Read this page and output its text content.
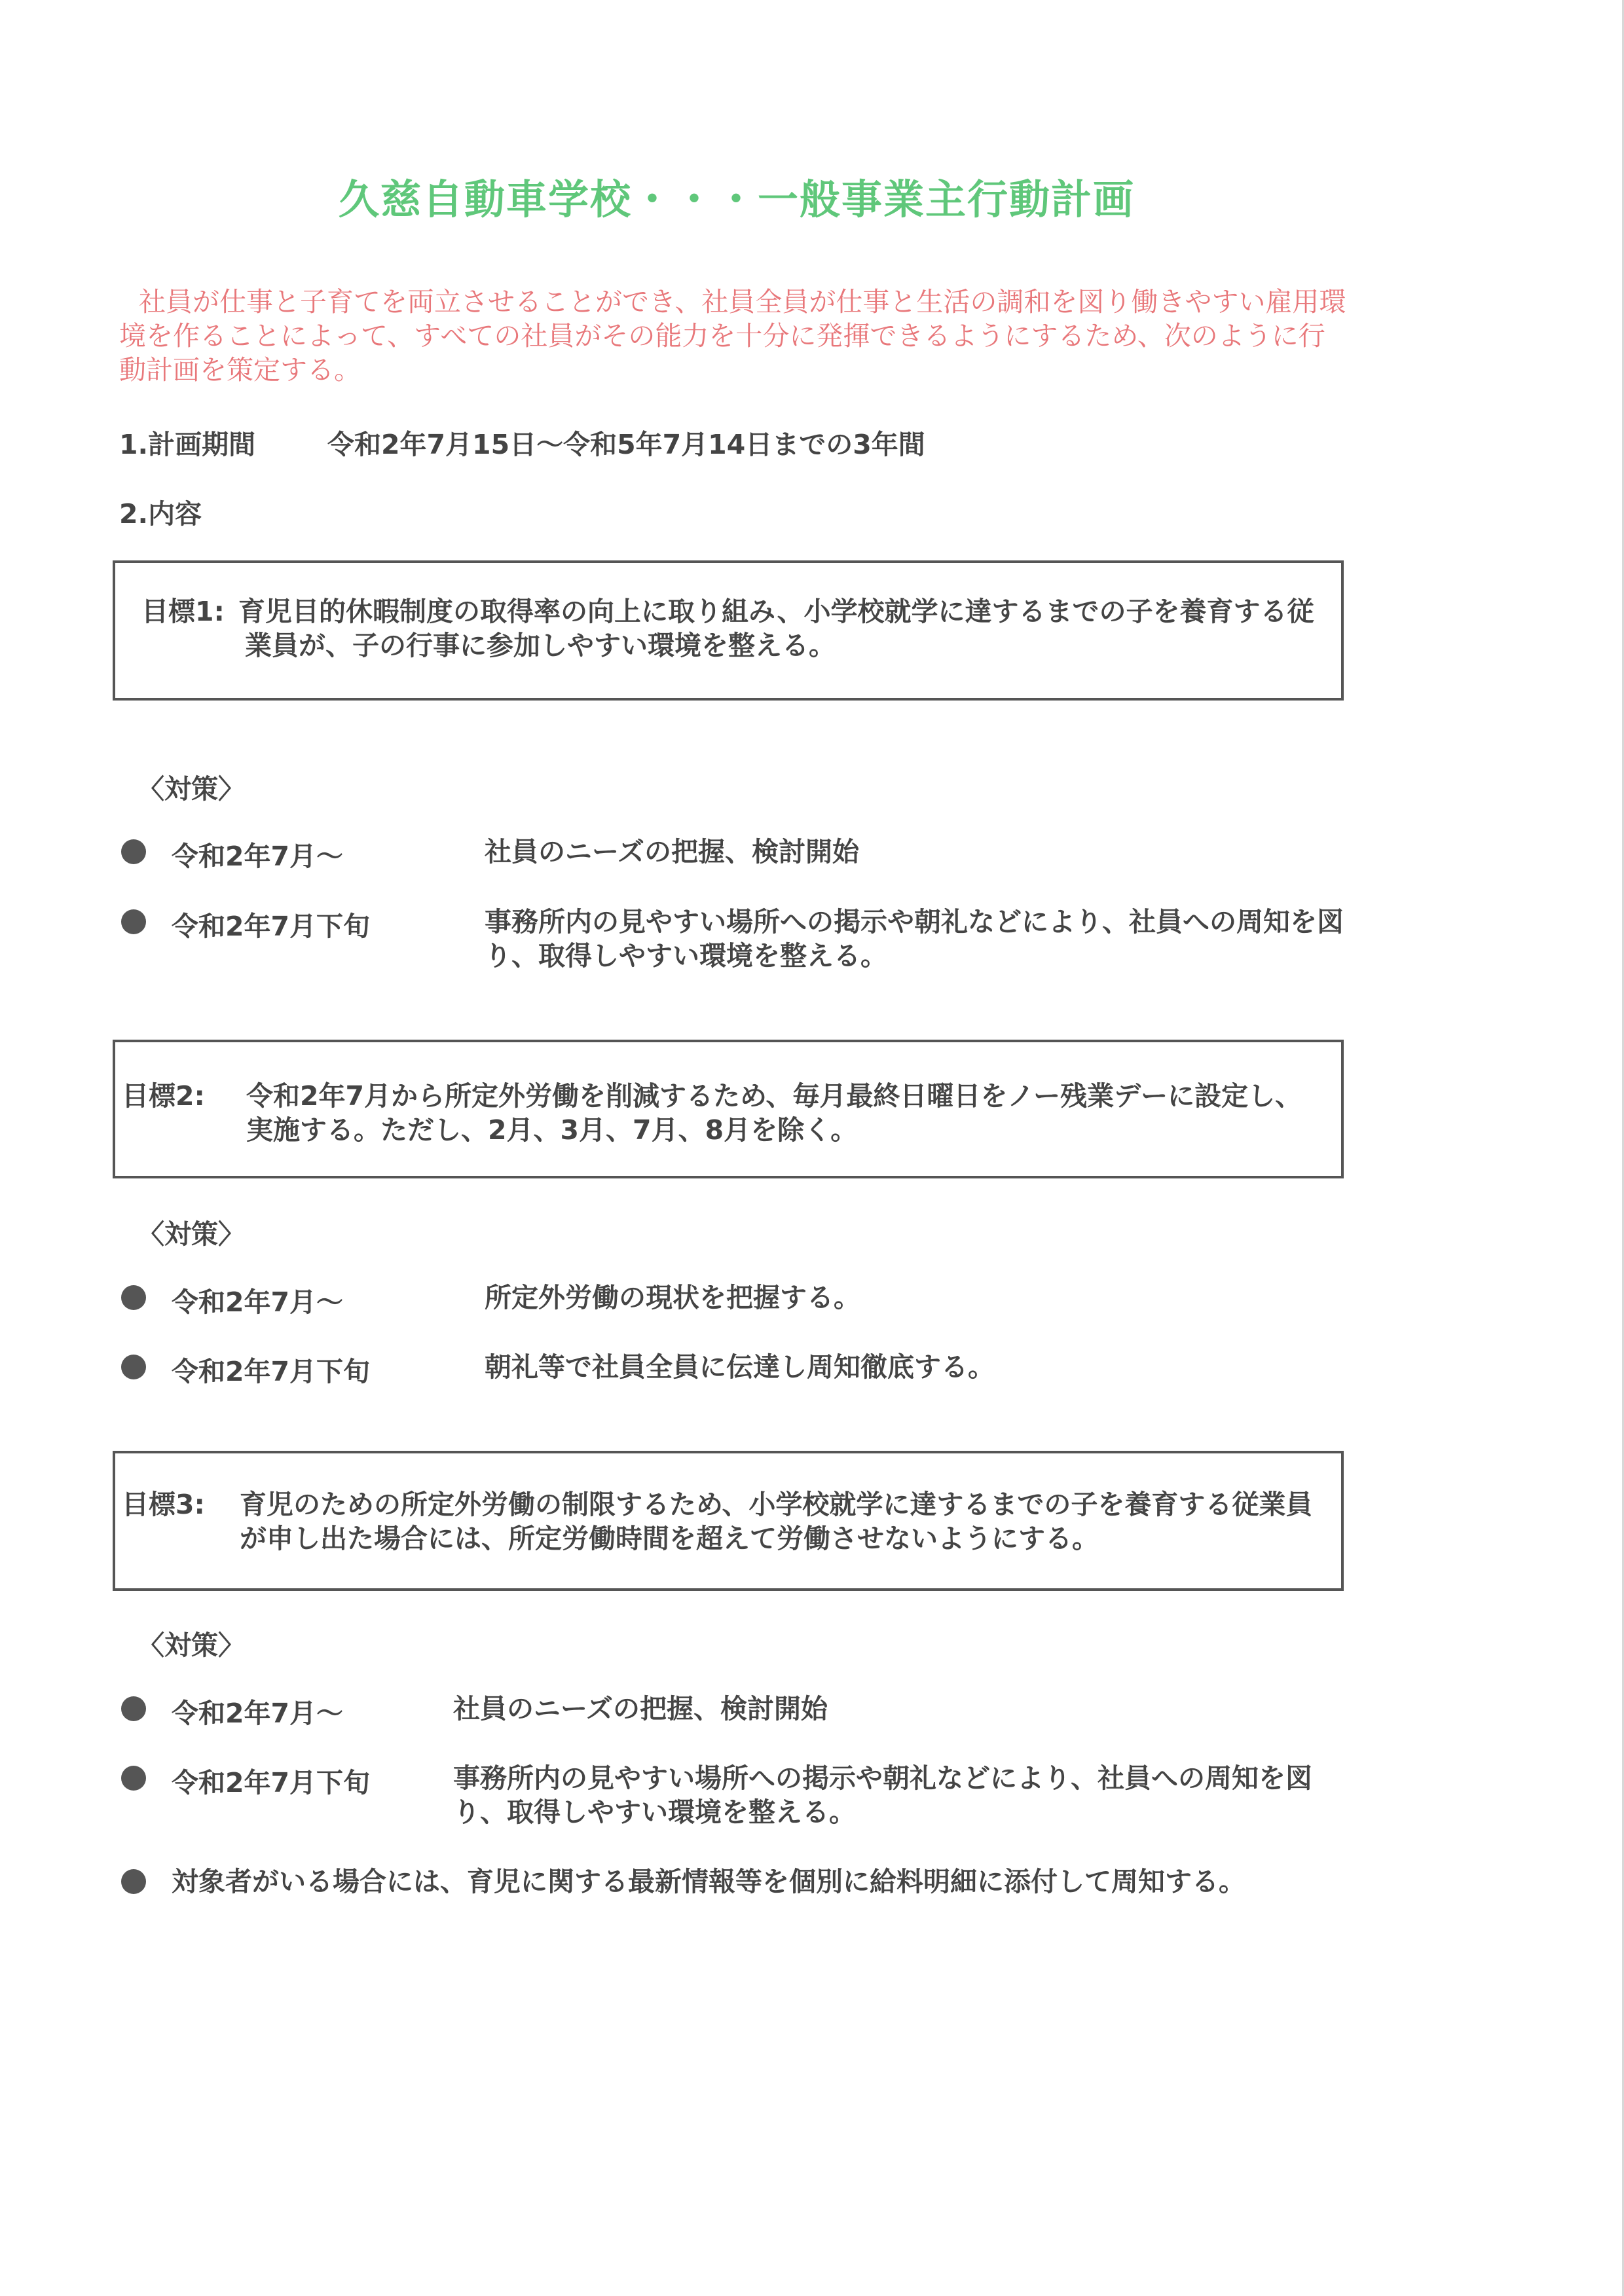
久慈自動車学校・・・一般事業主行動計画
社員が仕事と子育てを両立させることができ、社員全員が仕事と生活の調和を図り働きやすい雇用環境を作ることによって、すべての社員がその能力を十分に発揮できるようにするため、次のように行動計画を策定する。
1.計画期間	令和2年7月15日～令和5年7月14日までの3年間
2.内容
目標1: 育児目的休暇制度の取得率の向上に取り組み、小学校就学に達するまでの子を養育する従業員が、子の行事に参加しやすい環境を整える。
〈対策〉
令和2年7月～	社員のニーズの把握、検討開始
令和2年7月下旬	事務所内の見やすい場所への掲示や朝礼などにより、社員への周知を図り、取得しやすい環境を整える。
目標2: 令和2年7月から所定外労働を削減するため、毎月最終日曜日をノー残業デーに設定し、実施する。ただし、2月、3月、7月、8月を除く。
〈対策〉
令和2年7月～	所定外労働の現状を把握する。
令和2年7月下旬	朝礼等で社員全員に伝達し周知徹底する。
目標3: 育児のための所定外労働の制限するため、小学校就学に達するまでの子を養育する従業員が申し出た場合には、所定労働時間を超えて労働させないようにする。
〈対策〉
令和2年7月～	社員のニーズの把握、検討開始
令和2年7月下旬	事務所内の見やすい場所への掲示や朝礼などにより、社員への周知を図り、取得しやすい環境を整える。
対象者がいる場合には、育児に関する最新情報等を個別に給料明細に添付して周知する。
